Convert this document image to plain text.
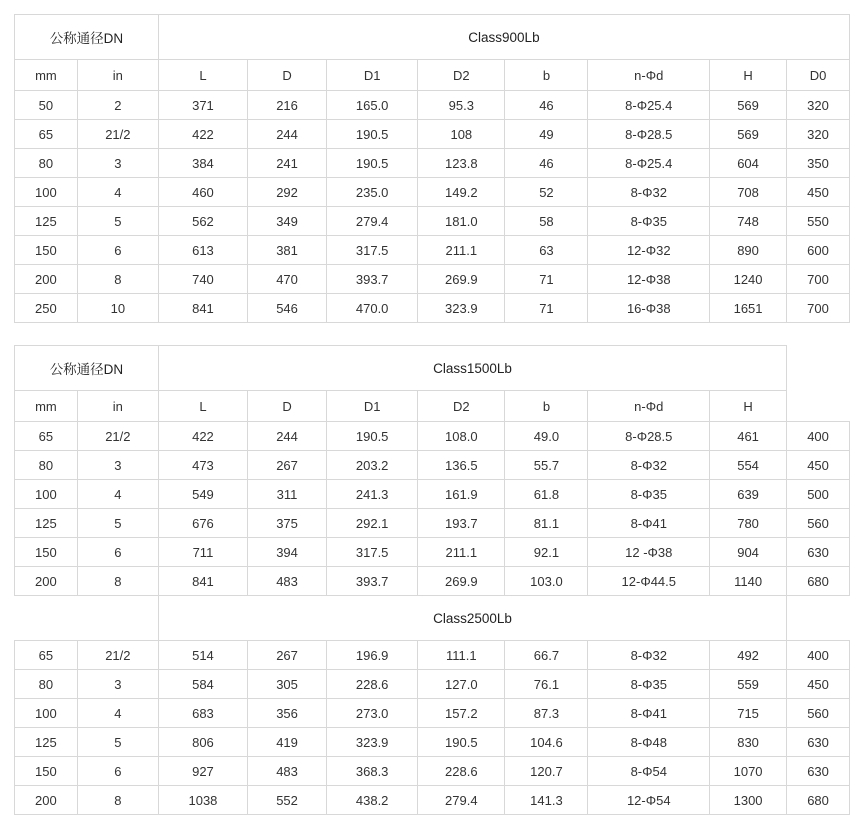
公称通径DN		Class900Lb							
mm	in	L	D	D1	D2	b	n-Φd	H	D0
50	2	371	216	165.0	95.3	46	8-Φ25.4	569	320
65	21/2	422	244	190.5	108	49	8-Φ28.5	569	320
80	3	384	241	190.5	123.8	46	8-Φ25.4	604	350
100	4	460	292	235.0	149.2	52	8-Φ32	708	450
125	5	562	349	279.4	181.0	58	8-Φ35	748	550
150	6	613	381	317.5	211.1	63	12-Φ32	890	600
200	8	740	470	393.7	269.9	71	12-Φ38	1240	700
250	10	841	546	470.0	323.9	71	16-Φ38	1651	700
公称通径DN		Class1500Lb							
mm	in	L	D	D1	D2	b	n-Φd	H	
65	21/2	422	244	190.5	108.0	49.0	8-Φ28.5	461	400
80	3	473	267	203.2	136.5	55.7	8-Φ32	554	450
100	4	549	311	241.3	161.9	61.8	8-Φ35	639	500
125	5	676	375	292.1	193.7	81.1	8-Φ41	780	560
150	6	711	394	317.5	211.1	92.1	12 -Φ38	904	630
200	8	841	483	393.7	269.9	103.0	12-Φ44.5	1140	680
		Class2500Lb							
65	21/2	514	267	196.9	111.1	66.7	8-Φ32	492	400
80	3	584	305	228.6	127.0	76.1	8-Φ35	559	450
100	4	683	356	273.0	157.2	87.3	8-Φ41	715	560
125	5	806	419	323.9	190.5	104.6	8-Φ48	830	630
150	6	927	483	368.3	228.6	120.7	8-Φ54	1070	630
200	8	1038	552	438.2	279.4	141.3	12-Φ54	1300	680
